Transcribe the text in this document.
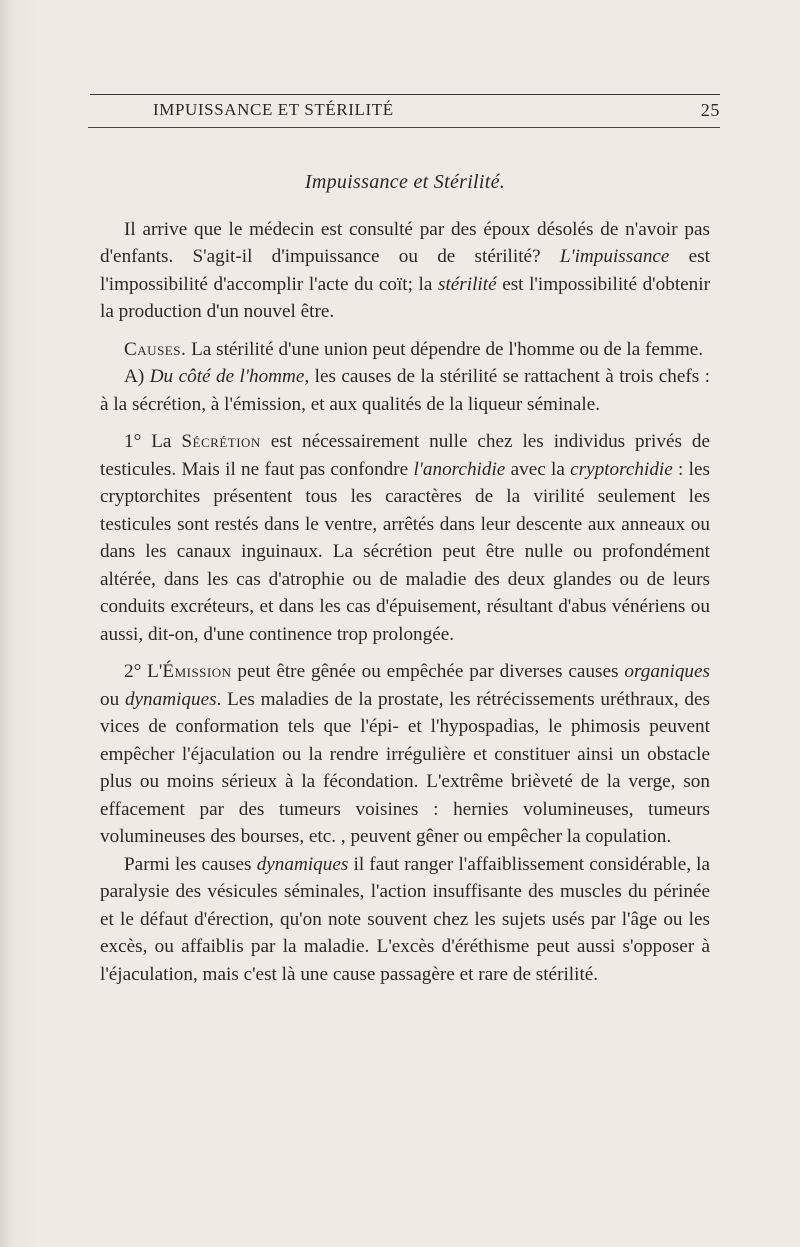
IMPUISSANCE ET STÉRILITÉ	25
Impuissance et Stérilité.

Il arrive que le médecin est consulté par des époux désolés de n'avoir pas d'enfants. S'agit-il d'impuissance ou de stérilité? L'impuissance est l'impossibilité d'accomplir l'acte du coït; la stérilité est l'impossibilité d'obtenir la production d'un nouvel être.

Causes. La stérilité d'une union peut dépendre de l'homme ou de la femme.

A) Du côté de l'homme, les causes de la stérilité se rattachent à trois chefs : à la sécrétion, à l'émission, et aux qualités de la liqueur séminale.

1° La Sécrétion est nécessairement nulle chez les individus privés de testicules. Mais il ne faut pas confondre l'anorchidie avec la cryptorchidie : les cryptorchites présentent tous les caractères de la virilité seulement les testicules sont restés dans le ventre, arrêtés dans leur descente aux anneaux ou dans les canaux inguinaux. La sécrétion peut être nulle ou profondément altérée, dans les cas d'atrophie ou de maladie des deux glandes ou de leurs conduits excréteurs, et dans les cas d'épuisement, résultant d'abus vénériens ou aussi, dit-on, d'une continence trop prolongée.

2° L'Émission peut être gênée ou empêchée par diverses causes organiques ou dynamiques. Les maladies de la prostate, les rétrécissements uréthraux, des vices de conformation tels que l'épi- et l'hypospadias, le phimosis peuvent empêcher l'éjaculation ou la rendre irrégulière et constituer ainsi un obstacle plus ou moins sérieux à la fécondation. L'extrême brièveté de la verge, son effacement par des tumeurs voisines : hernies volumineuses, tumeurs volumineuses des bourses, etc. , peuvent gêner ou empêcher la copulation.

Parmi les causes dynamiques il faut ranger l'affaiblissement considérable, la paralysie des vésicules séminales, l'action insuffisante des muscles du périnée et le défaut d'érection, qu'on note souvent chez les sujets usés par l'âge ou les excès, ou affaiblis par la maladie. L'excès d'éréthisme peut aussi s'opposer à l'éjaculation, mais c'est là une cause passagère et rare de stérilité.
